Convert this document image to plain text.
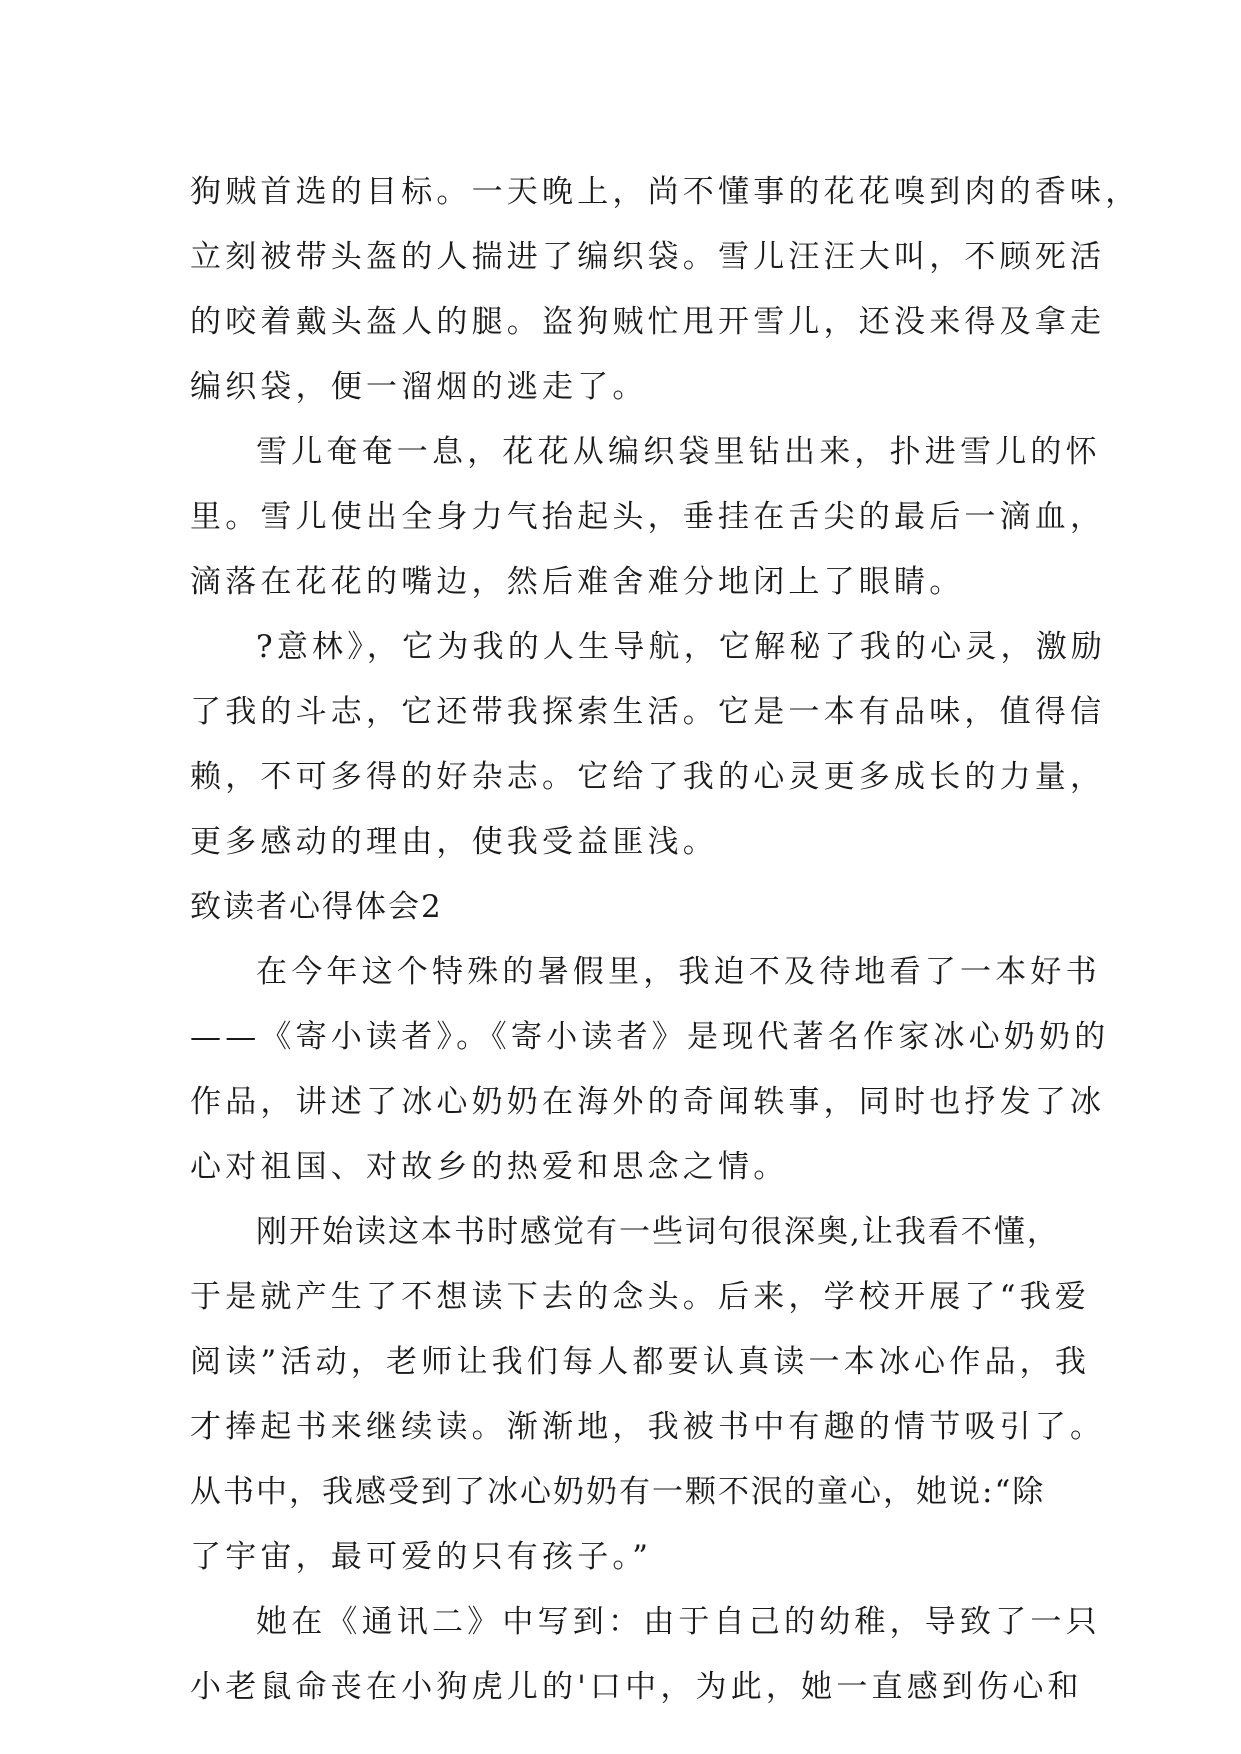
狗贼首选的目标。一天晚上，尚不懂事的花花嗅到肉的香味，
立刻被带头盔的人揣进了编织袋。雪儿汪汪大叫，不顾死活
的咬着戴头盔人的腿。盗狗贼忙甩开雪儿，还没来得及拿走
编织袋，便一溜烟的逃走了。
雪儿奄奄一息，花花从编织袋里钻出来，扑进雪儿的怀
里。雪儿使出全身力气抬起头，垂挂在舌尖的最后一滴血，
滴落在花花的嘴边，然后难舍难分地闭上了眼睛。
?意林》，它为我的人生导航，它解秘了我的心灵，激励
了我的斗志，它还带我探索生活。它是一本有品味，值得信
赖，不可多得的好杂志。它给了我的心灵更多成长的力量，
更多感动的理由，使我受益匪浅。
致读者心得体会2
在今年这个特殊的暑假里，我迫不及待地看了一本好书
——《寄小读者》。《寄小读者》是现代著名作家冰心奶奶的
作品，讲述了冰心奶奶在海外的奇闻轶事，同时也抒发了冰
心对祖国、对故乡的热爱和思念之情。
刚开始读这本书时感觉有一些词句很深奥,让我看不懂，
于是就产生了不想读下去的念头。后来，学校开展了“我爱
阅读”活动，老师让我们每人都要认真读一本冰心作品，我
才捧起书来继续读。渐渐地，我被书中有趣的情节吸引了。
从书中，我感受到了冰心奶奶有一颗不泯的童心，她说:“除
了宇宙，最可爱的只有孩子。”
她在《通讯二》中写到：由于自己的幼稚，导致了一只
小老鼠命丧在小狗虎儿的'口中，为此，她一直感到伤心和
